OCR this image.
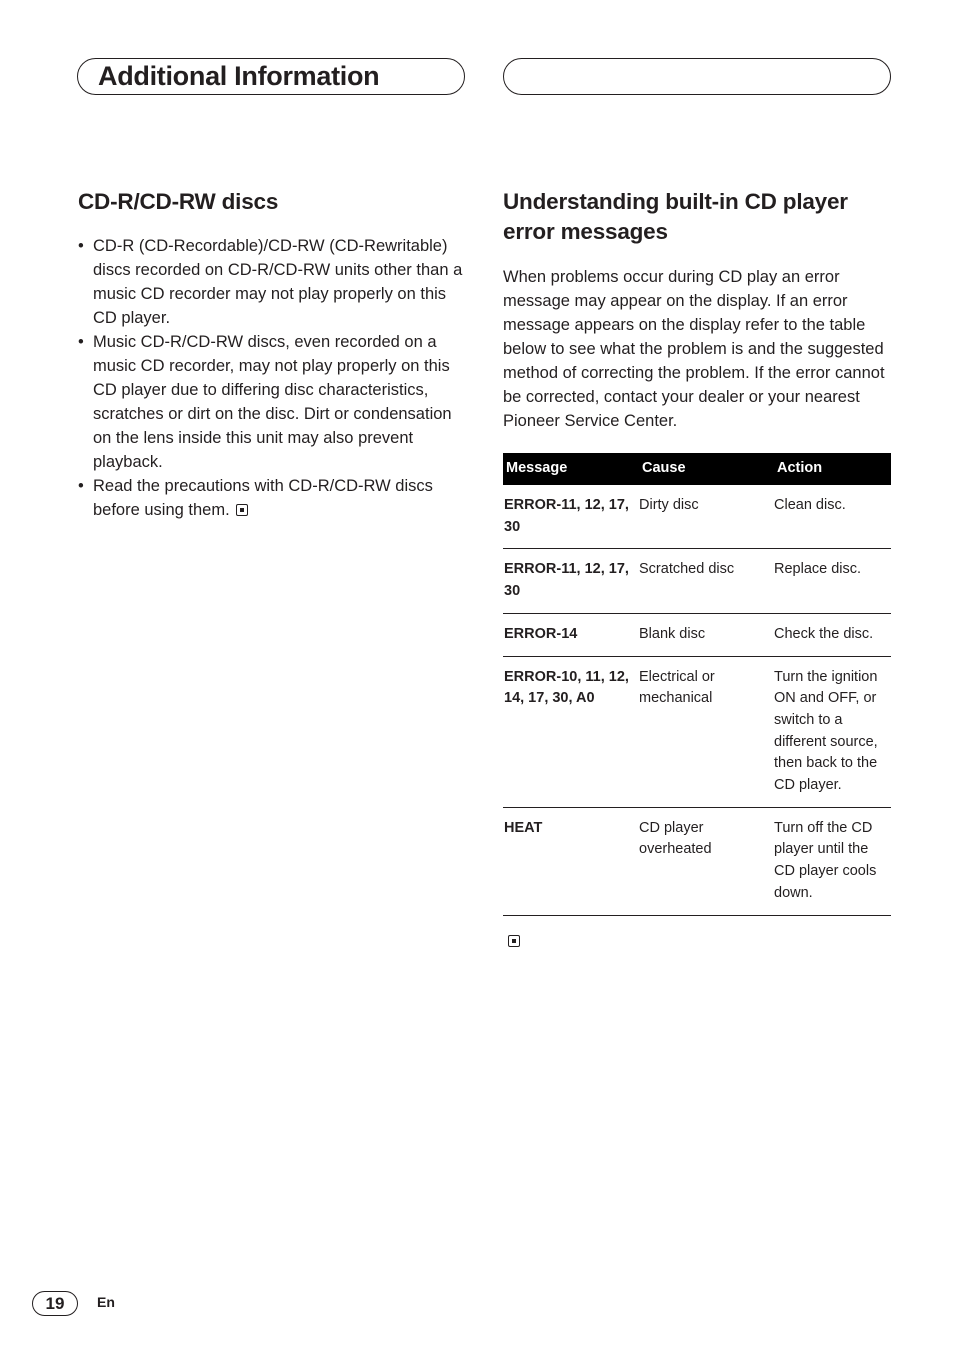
Additional Information
CD-R/CD-RW discs
• CD-R (CD-Recordable)/CD-RW (CD-Rewritable) discs recorded on CD-R/CD-RW units other than a music CD recorder may not play properly on this CD player.
• Music CD-R/CD-RW discs, even recorded on a music CD recorder, may not play properly on this CD player due to differing disc characteristics, scratches or dirt on the disc. Dirt or condensation on the lens inside this unit may also prevent playback.
• Read the precautions with CD-R/CD-RW discs before using them.
Understanding built-in CD player error messages

When problems occur during CD play an error message may appear on the display. If an error message appears on the display refer to the table below to see what the problem is and the suggested method of correcting the problem. If the error cannot be corrected, contact your dealer or your nearest Pioneer Service Center.

Message	Cause	Action
ERROR-11, 12, 17, 30	Dirty disc	Clean disc.
ERROR-11, 12, 17, 30	Scratched disc	Replace disc.
ERROR-14	Blank disc	Check the disc.
ERROR-10, 11, 12, 14, 17, 30, A0	Electrical or mechanical	Turn the ignition ON and OFF, or switch to a different source, then back to the CD player.
HEAT	CD player overheated	Turn off the CD player until the CD player cools down.
19	En
